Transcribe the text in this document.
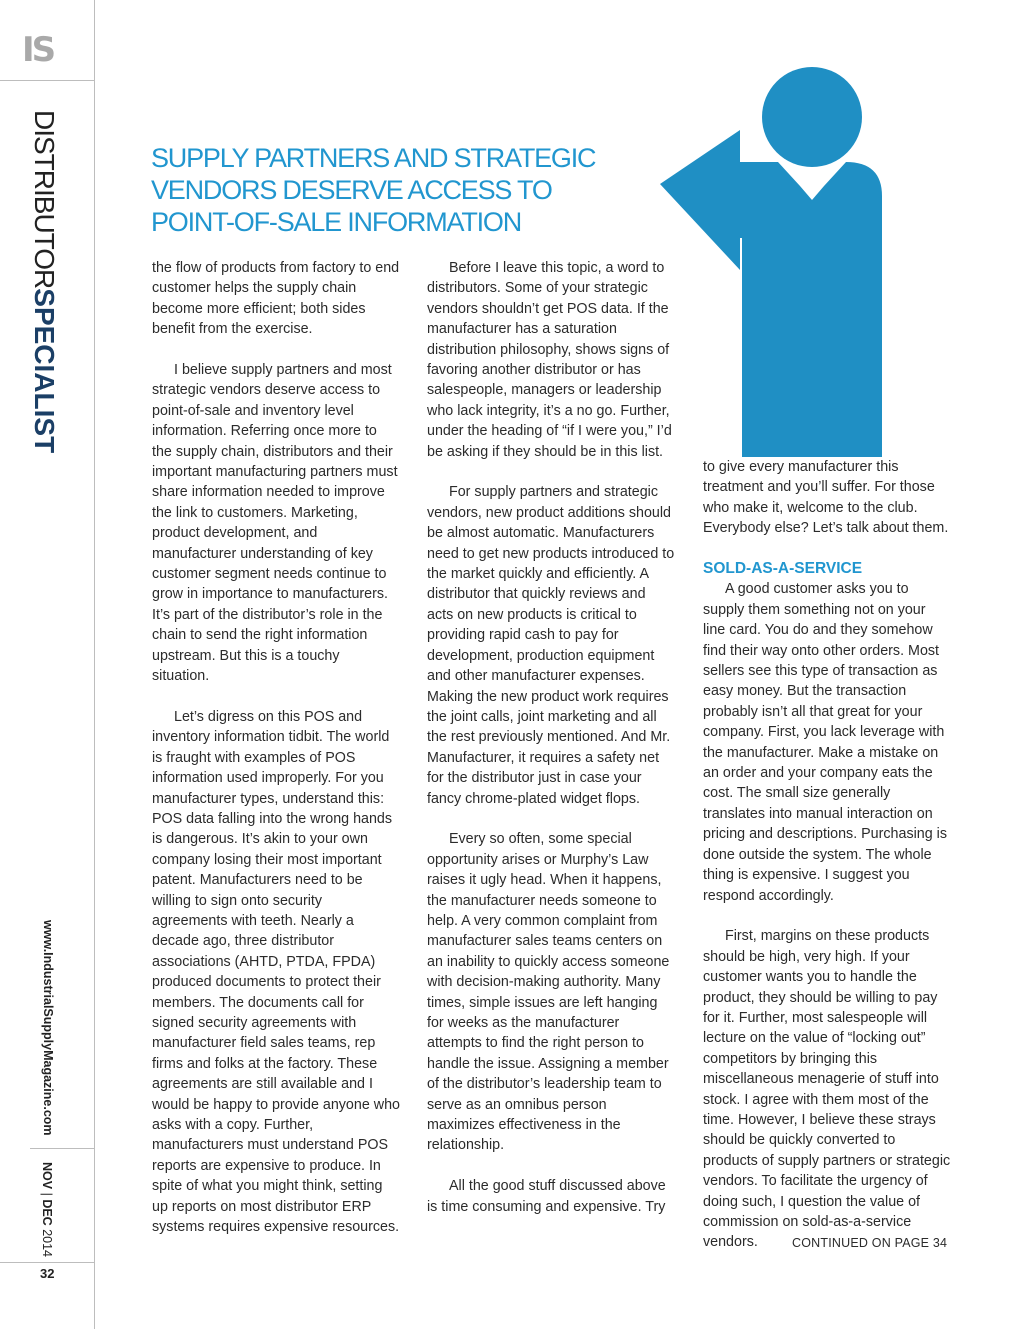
IS
DISTRIBUTORSPECIALIST
www.IndustrialSupplyMagazine.com
NOV | DEC 2014
32
SUPPLY PARTNERS AND STRATEGIC
VENDORS DESERVE ACCESS TO
POINT-OF-SALE INFORMATION

the flow of products from factory to end customer helps the supply chain become more efficient; both sides benefit from the exercise.

I believe supply partners and most strategic vendors deserve access to point-of-sale and inventory level information. Referring once more to the supply chain, distributors and their important manufacturing partners must share information needed to improve the link to customers. Marketing, product development, and manufacturer understanding of key customer segment needs continue to grow in importance to manufacturers. It’s part of the distributor’s role in the chain to send the right information upstream. But this is a touchy situation.

Let’s digress on this POS and inventory information tidbit. The world is fraught with examples of POS information used improperly. For you manufacturer types, understand this: POS data falling into the wrong hands is dangerous. It’s akin to your own company losing their most important patent. Manufacturers need to be willing to sign onto security agreements with teeth. Nearly a decade ago, three distributor associations (AHTD, PTDA, FPDA) produced documents to protect their members. The documents call for signed security agreements with manufacturer field sales teams, rep firms and folks at the factory. These agreements are still available and I would be happy to provide anyone who asks with a copy. Further, manufacturers must understand POS reports are expensive to produce. In spite of what you might think, setting up reports on most distributor ERP systems requires expensive resources.

Before I leave this topic, a word to distributors. Some of your strategic vendors shouldn’t get POS data. If the manufacturer has a saturation distribution philosophy, shows signs of favoring another distributor or has salespeople, managers or leadership who lack integrity, it’s a no go. Further, under the heading of “if I were you,” I’d be asking if they should be in this list.

For supply partners and strategic vendors, new product additions should be almost automatic. Manufacturers need to get new products introduced to the market quickly and efficiently. A distributor that quickly reviews and acts on new products is critical to providing rapid cash to pay for development, production equipment and other manufacturer expenses. Making the new product work requires the joint calls, joint marketing and all the rest previously mentioned. And Mr. Manufacturer, it requires a safety net for the distributor just in case your fancy chrome-plated widget flops.

Every so often, some special opportunity arises or Murphy’s Law raises it ugly head. When it happens, the manufacturer needs someone to help. A very common complaint from manufacturer sales teams centers on an inability to quickly access someone with decision-making authority. Many times, simple issues are left hanging for weeks as the manufacturer attempts to find the right person to handle the issue. Assigning a member of the distributor’s leadership team to serve as an omnibus person maximizes effectiveness in the relationship.

All the good stuff discussed above is time consuming and expensive. Try

to give every manufacturer this treatment and you’ll suffer. For those who make it, welcome to the club. Everybody else? Let’s talk about them.

SOLD-AS-A-SERVICE

A good customer asks you to supply them something not on your line card. You do and they somehow find their way onto other orders. Most sellers see this type of transaction as easy money. But the transaction probably isn’t all that great for your company. First, you lack leverage with the manufacturer. Make a mistake on an order and your company eats the cost. The small size generally translates into manual interaction on pricing and descriptions. Purchasing is done outside the system. The whole thing is expensive. I suggest you respond accordingly.

First, margins on these products should be high, very high. If your customer wants you to handle the product, they should be willing to pay for it. Further, most salespeople will lecture on the value of “locking out” competitors by bringing this miscellaneous menagerie of stuff into stock. I agree with them most of the time. However, I believe these strays should be quickly converted to products of supply partners or strategic vendors. To facilitate the urgency of doing such, I question the value of commission on sold-as-a-service vendors.	CONTINUED ON PAGE 34
